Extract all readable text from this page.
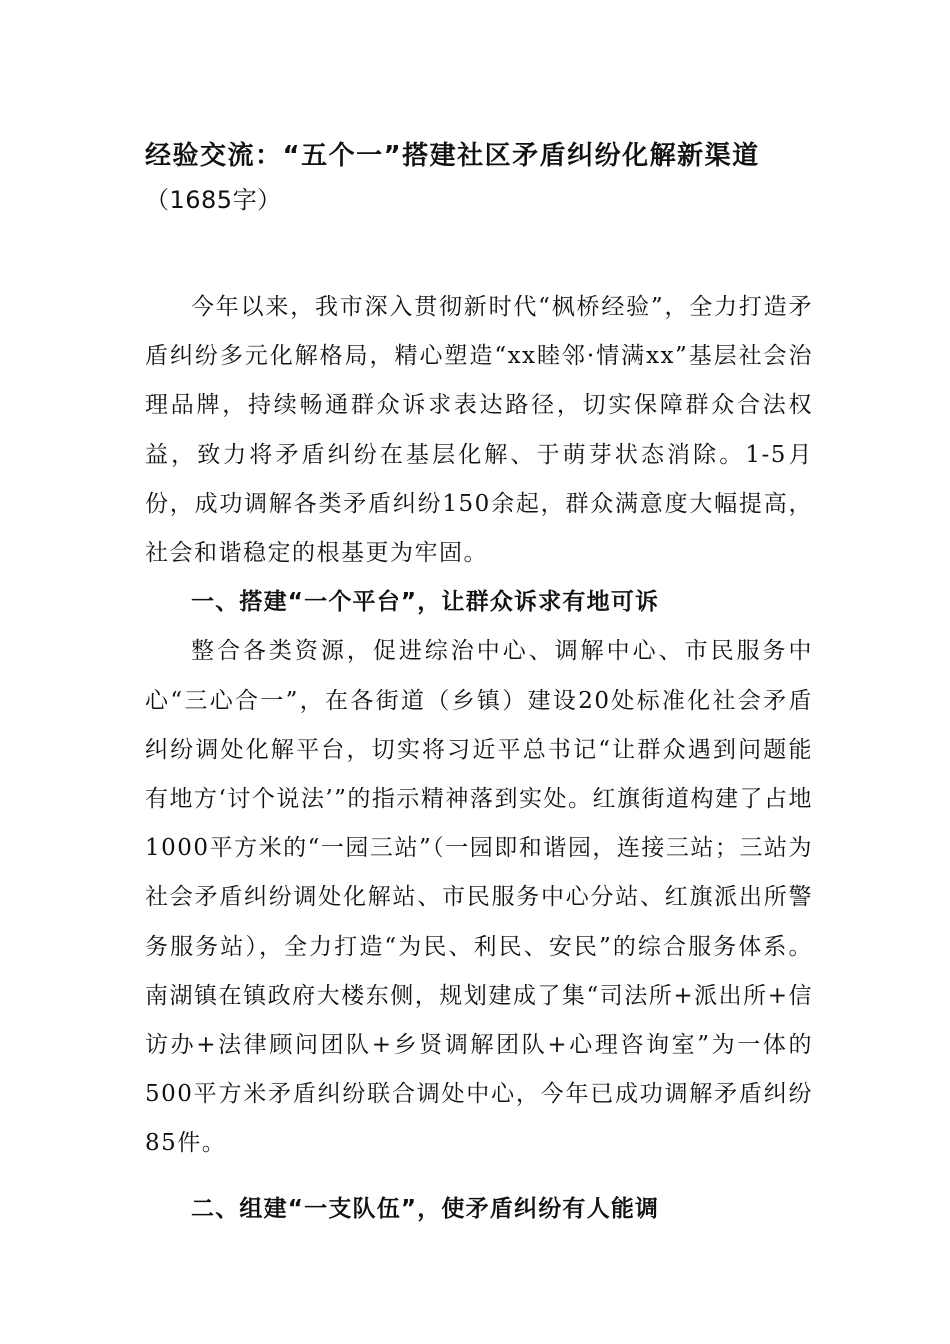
经验交流：“五个一”搭建社区矛盾纠纷化解新渠道
（1685字）

今年以来，我市深入贯彻新时代“枫桥经验”，全力打造矛盾纠纷多元化解格局，精心塑造“xx睦邻·情满xx”基层社会治理品牌，持续畅通群众诉求表达路径，切实保障群众合法权益，致力将矛盾纠纷在基层化解、于萌芽状态消除。1-5月份，成功调解各类矛盾纠纷150余起，群众满意度大幅提高，社会和谐稳定的根基更为牢固。

一、搭建“一个平台”，让群众诉求有地可诉

整合各类资源，促进综治中心、调解中心、市民服务中心“三心合一”，在各街道（乡镇）建设20处标准化社会矛盾纠纷调处化解平台，切实将习近平总书记“让群众遇到问题能有地方‘讨个说法’”的指示精神落到实处。红旗街道构建了占地1000平方米的“一园三站”（一园即和谐园，连接三站；三站为社会矛盾纠纷调处化解站、市民服务中心分站、红旗派出所警务服务站），全力打造“为民、利民、安民”的综合服务体系。南湖镇在镇政府大楼东侧，规划建成了集“司法所+派出所+信访办+法律顾问团队+乡贤调解团队+心理咨询室”为一体的500平方米矛盾纠纷联合调处中心，今年已成功调解矛盾纠纷85件。

二、组建“一支队伍”，使矛盾纠纷有人能调
